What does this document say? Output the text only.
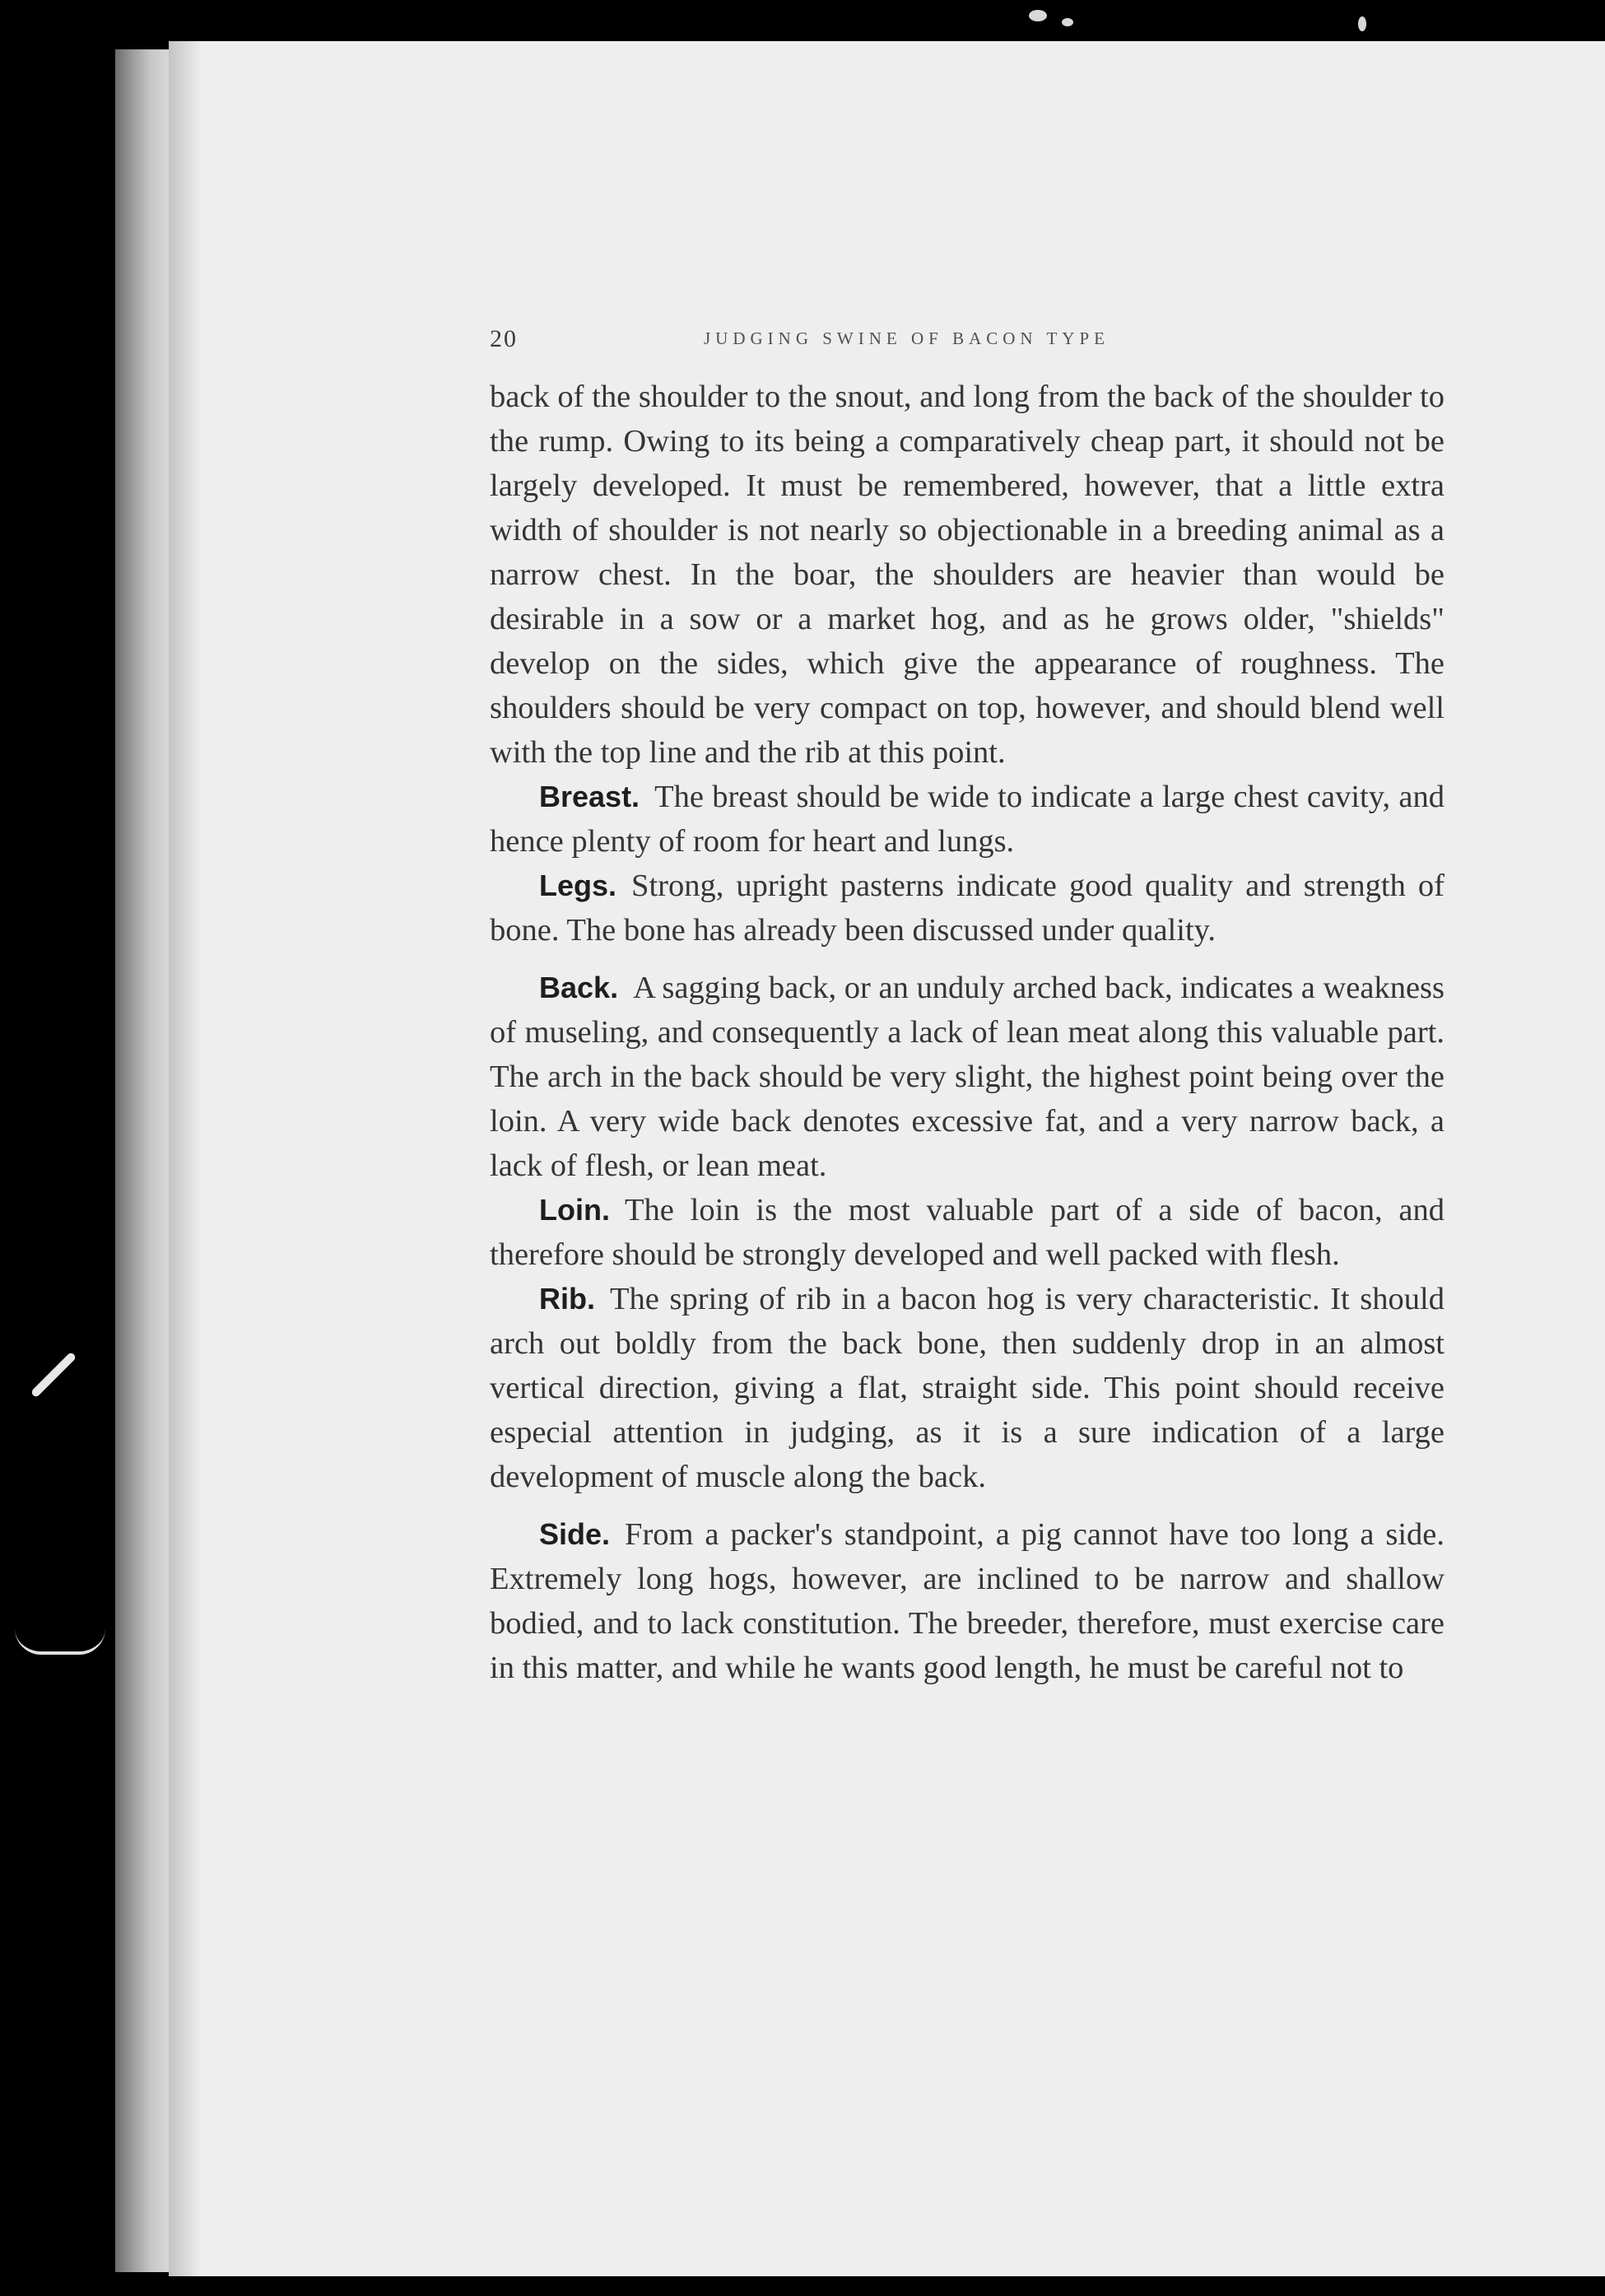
20	JUDGING SWINE OF BACON TYPE

back of the shoulder to the snout, and long from the back of the shoulder to the rump. Owing to its being a comparatively cheap part, it should not be largely developed. It must be remembered, however, that a little extra width of shoulder is not nearly so objectionable in a breeding animal as a narrow chest. In the boar, the shoulders are heavier than would be desirable in a sow or a market hog, and as he grows older, "shields" develop on the sides, which give the appearance of roughness. The shoulders should be very compact on top, however, and should blend well with the top line and the rib at this point.

Breast. The breast should be wide to indicate a large chest cavity, and hence plenty of room for heart and lungs.

Legs. Strong, upright pasterns indicate good quality and strength of bone. The bone has already been discussed under quality.

Back. A sagging back, or an unduly arched back, indicates a weakness of museling, and consequently a lack of lean meat along this valuable part. The arch in the back should be very slight, the highest point being over the loin. A very wide back denotes excessive fat, and a very narrow back, a lack of flesh, or lean meat.

Loin. The loin is the most valuable part of a side of bacon, and therefore should be strongly developed and well packed with flesh.

Rib. The spring of rib in a bacon hog is very characteristic. It should arch out boldly from the back bone, then suddenly drop in an almost vertical direction, giving a flat, straight side. This point should receive especial attention in judging, as it is a sure indication of a large development of muscle along the back.

Side. From a packer's standpoint, a pig cannot have too long a side. Extremely long hogs, however, are inclined to be narrow and shallow bodied, and to lack constitution. The breeder, therefore, must exercise care in this matter, and while he wants good length, he must be careful not to
